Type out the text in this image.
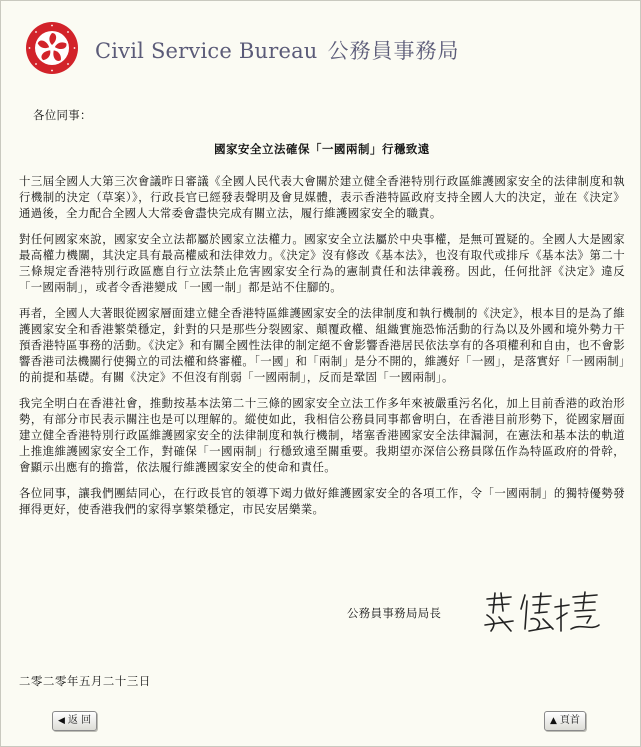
Civil Service Bureau 公務員事務局
各位同事：
國家安全立法確保「一國兩制」行穩致遠

十三屆全國人大第三次會議昨日審議《全國人民代表大會關於建立健全香港特別行政區維護國家安全的法律制度和執行機制的決定（草案）》，行政長官已經發表聲明及會見媒體，表示香港特區政府支持全國人大的決定，並在《決定》通過後，全力配合全國人大常委會盡快完成有關立法，履行維護國家安全的職責。

對任何國家來說，國家安全立法都屬於國家立法權力。國家安全立法屬於中央事權，是無可置疑的。全國人大是國家最高權力機關，其決定具有最高權威和法律效力。《決定》沒有修改《基本法》，也沒有取代或排斥《基本法》第二十三條規定香港特別行政區應自行立法禁止危害國家安全行為的憲制責任和法律義務。因此，任何批評《決定》違反「一國兩制」，或者令香港變成「一國一制」都是站不住腳的。

再者，全國人大著眼從國家層面建立健全香港特區維護國家安全的法律制度和執行機制的《決定》，根本目的是為了維護國家安全和香港繁榮穩定，針對的只是那些分裂國家、顛覆政權、組織實施恐怖活動的行為以及外國和境外勢力干預香港特區事務的活動。《決定》和有關全國性法律的制定絕不會影響香港居民依法享有的各項權利和自由，也不會影響香港司法機關行使獨立的司法權和終審權。「一國」和「兩制」是分不開的，維護好「一國」，是落實好「一國兩制」的前提和基礎。有關《決定》不但沒有削弱「一國兩制」，反而是鞏固「一國兩制」。

我完全明白在香港社會，推動按基本法第二十三條的國家安全立法工作多年來被嚴重污名化，加上目前香港的政治形勢，有部分市民表示關注也是可以理解的。縱使如此，我相信公務員同事都會明白，在香港目前形勢下，從國家層面建立健全香港特別行政區維護國家安全的法律制度和執行機制，堵塞香港國家安全法律漏洞，在憲法和基本法的軌道上推進維護國家安全工作，對確保「一國兩制」行穩致遠至關重要。我期望亦深信公務員隊伍作為特區政府的骨幹，會顯示出應有的擔當，依法履行維護國家安全的使命和責任。

各位同事，讓我們團結同心，在行政長官的領導下竭力做好維護國家安全的各項工作，令「一國兩制」的獨特優勢發揮得更好，使香港我們的家得享繁榮穩定，市民安居樂業。

公務員事務局局長
二零二零年五月二十三日
◀ 返 回	▲ 頁首
